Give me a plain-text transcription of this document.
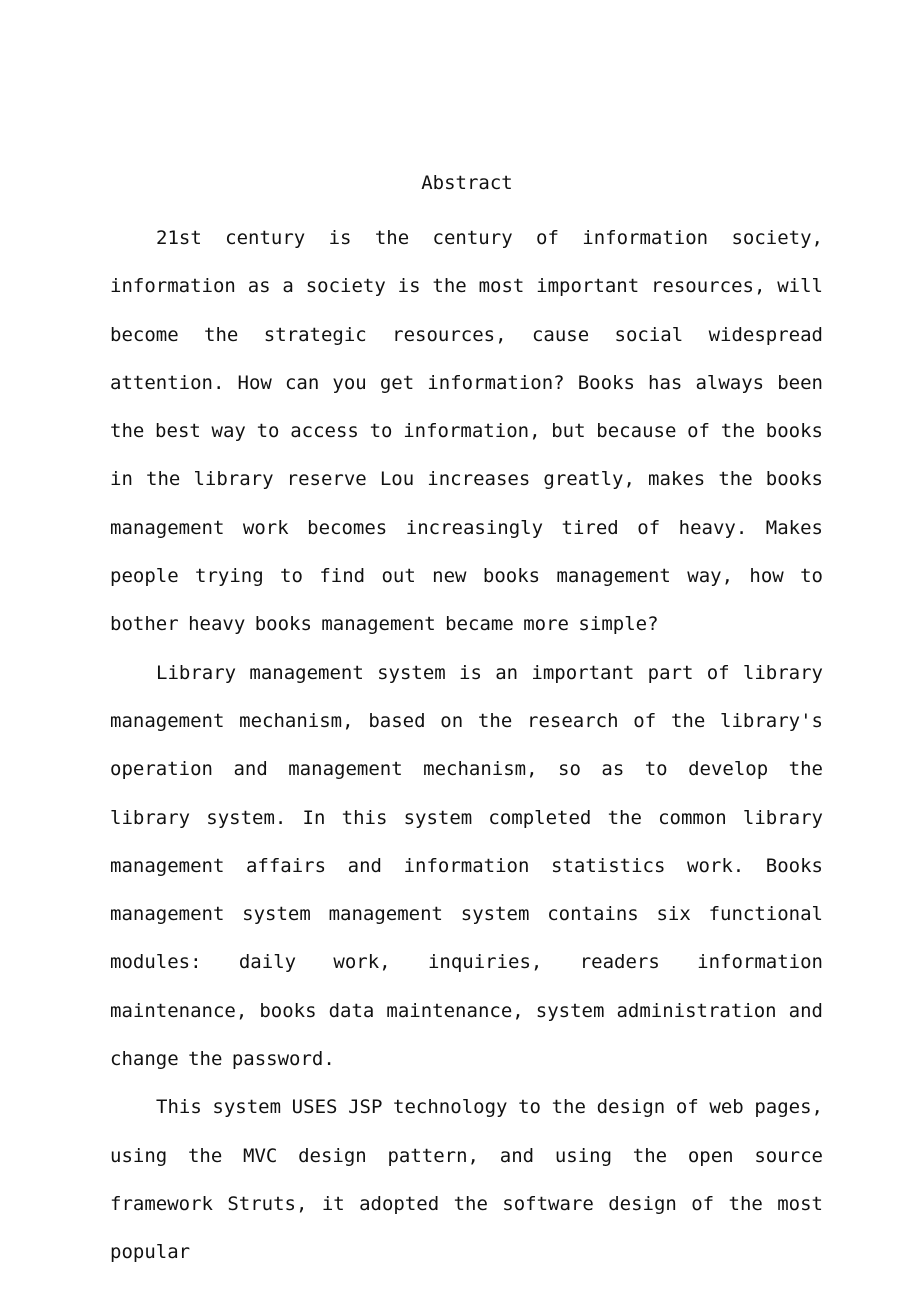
Abstract

21st century is the century of information society, information as a society is the most important resources, will become the strategic resources, cause social widespread attention. How can you get information? Books has always been the best way to access to information, but because of the books in the library reserve Lou increases greatly, makes the books management work becomes increasingly tired of heavy. Makes people trying to find out new books management way, how to bother heavy books management became more simple?

Library management system is an important part of library management mechanism, based on the research of the library's operation and management mechanism, so as to develop the library system. In this system completed the common library management affairs and information statistics work. Books management system management system contains six functional modules: daily work, inquiries, readers information maintenance, books data maintenance, system administration and change the password.

This system USES JSP technology to the design of web pages, using the MVC design pattern, and using the open source framework Struts, it adopted the software design of the most popular
